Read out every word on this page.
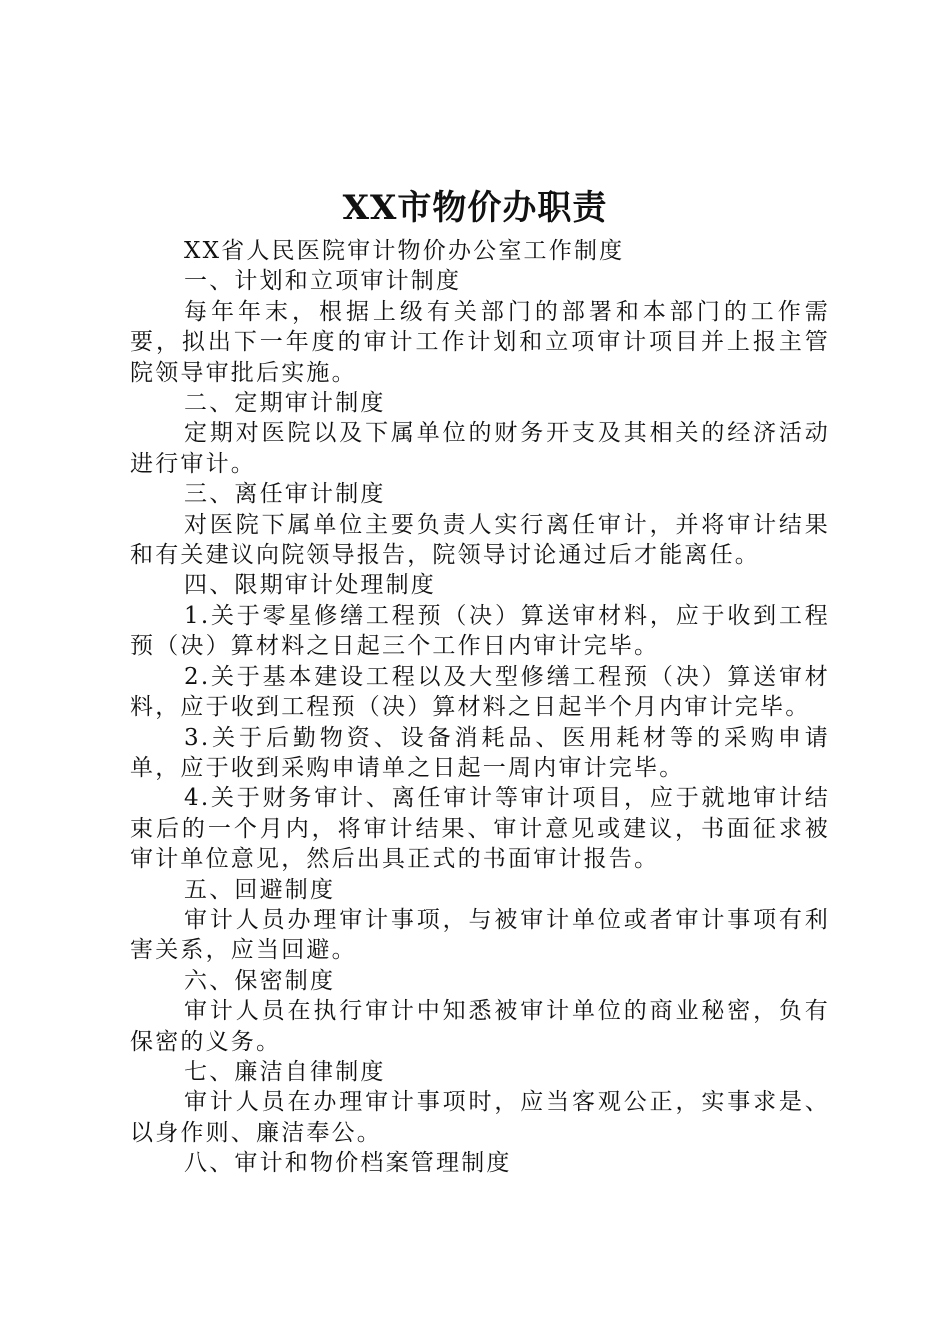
XX市物价办职责

XX省人民医院审计物价办公室工作制度

一、计划和立项审计制度

每年年末，根据上级有关部门的部署和本部门的工作需要，拟出下一年度的审计工作计划和立项审计项目并上报主管院领导审批后实施。

二、定期审计制度

定期对医院以及下属单位的财务开支及其相关的经济活动进行审计。

三、离任审计制度

对医院下属单位主要负责人实行离任审计，并将审计结果和有关建议向院领导报告，院领导讨论通过后才能离任。

四、限期审计处理制度

1.关于零星修缮工程预（决）算送审材料，应于收到工程预（决）算材料之日起三个工作日内审计完毕。

2.关于基本建设工程以及大型修缮工程预（决）算送审材料，应于收到工程预（决）算材料之日起半个月内审计完毕。

3.关于后勤物资、设备消耗品、医用耗材等的采购申请单，应于收到采购申请单之日起一周内审计完毕。

4.关于财务审计、离任审计等审计项目，应于就地审计结束后的一个月内，将审计结果、审计意见或建议，书面征求被审计单位意见，然后出具正式的书面审计报告。

五、回避制度

审计人员办理审计事项，与被审计单位或者审计事项有利害关系，应当回避。

六、保密制度

审计人员在执行审计中知悉被审计单位的商业秘密，负有保密的义务。

七、廉洁自律制度

审计人员在办理审计事项时，应当客观公正，实事求是、以身作则、廉洁奉公。

八、审计和物价档案管理制度
